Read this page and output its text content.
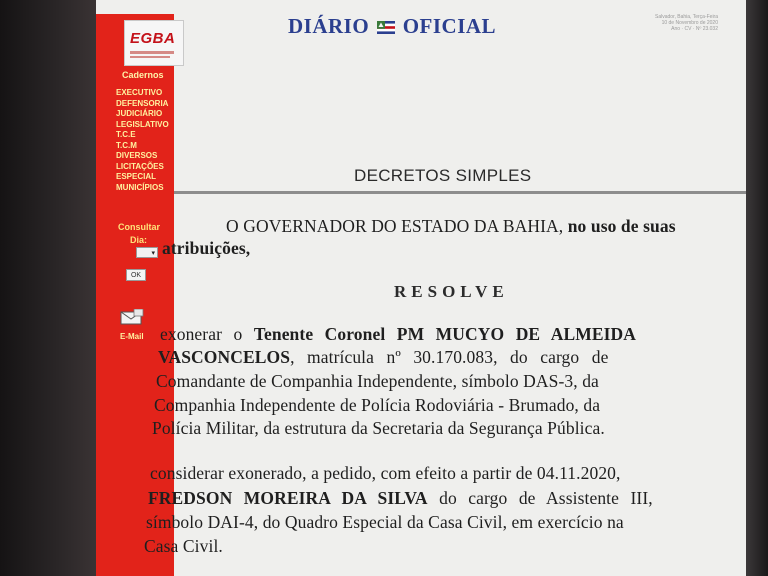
EGBA
Cadernos
EXECUTIVO
DEFENSORIA
JUDICIÁRIO
LEGISLATIVO
T.C.E
T.C.M
DIVERSOS
LICITAÇÕES
ESPECIAL
MUNICÍPIOS
Consultar
Dia:
▾
OK
E-Mail
DIÁRIO OFICIAL	Salvador, Bahia, Terça-Feira
10 de Novembro de 2020
Ano · CV · Nº 23.032
DECRETOS SIMPLES
O GOVERNADOR DO ESTADO DA BAHIA, no uso de suas
atribuições,
RESOLVE
exonerar o Tenente Coronel PM MUCYO DE ALMEIDA
VASCONCELOS, matrícula nº 30.170.083, do cargo de
Comandante de Companhia Independente, símbolo DAS-3, da
Companhia Independente de Polícia Rodoviária - Brumado, da
Polícia Militar, da estrutura da Secretaria da Segurança Pública.
considerar exonerado, a pedido, com efeito a partir de 04.11.2020,
FREDSON MOREIRA DA SILVA do cargo de Assistente III,
símbolo DAI-4, do Quadro Especial da Casa Civil, em exercício na
Casa Civil.
